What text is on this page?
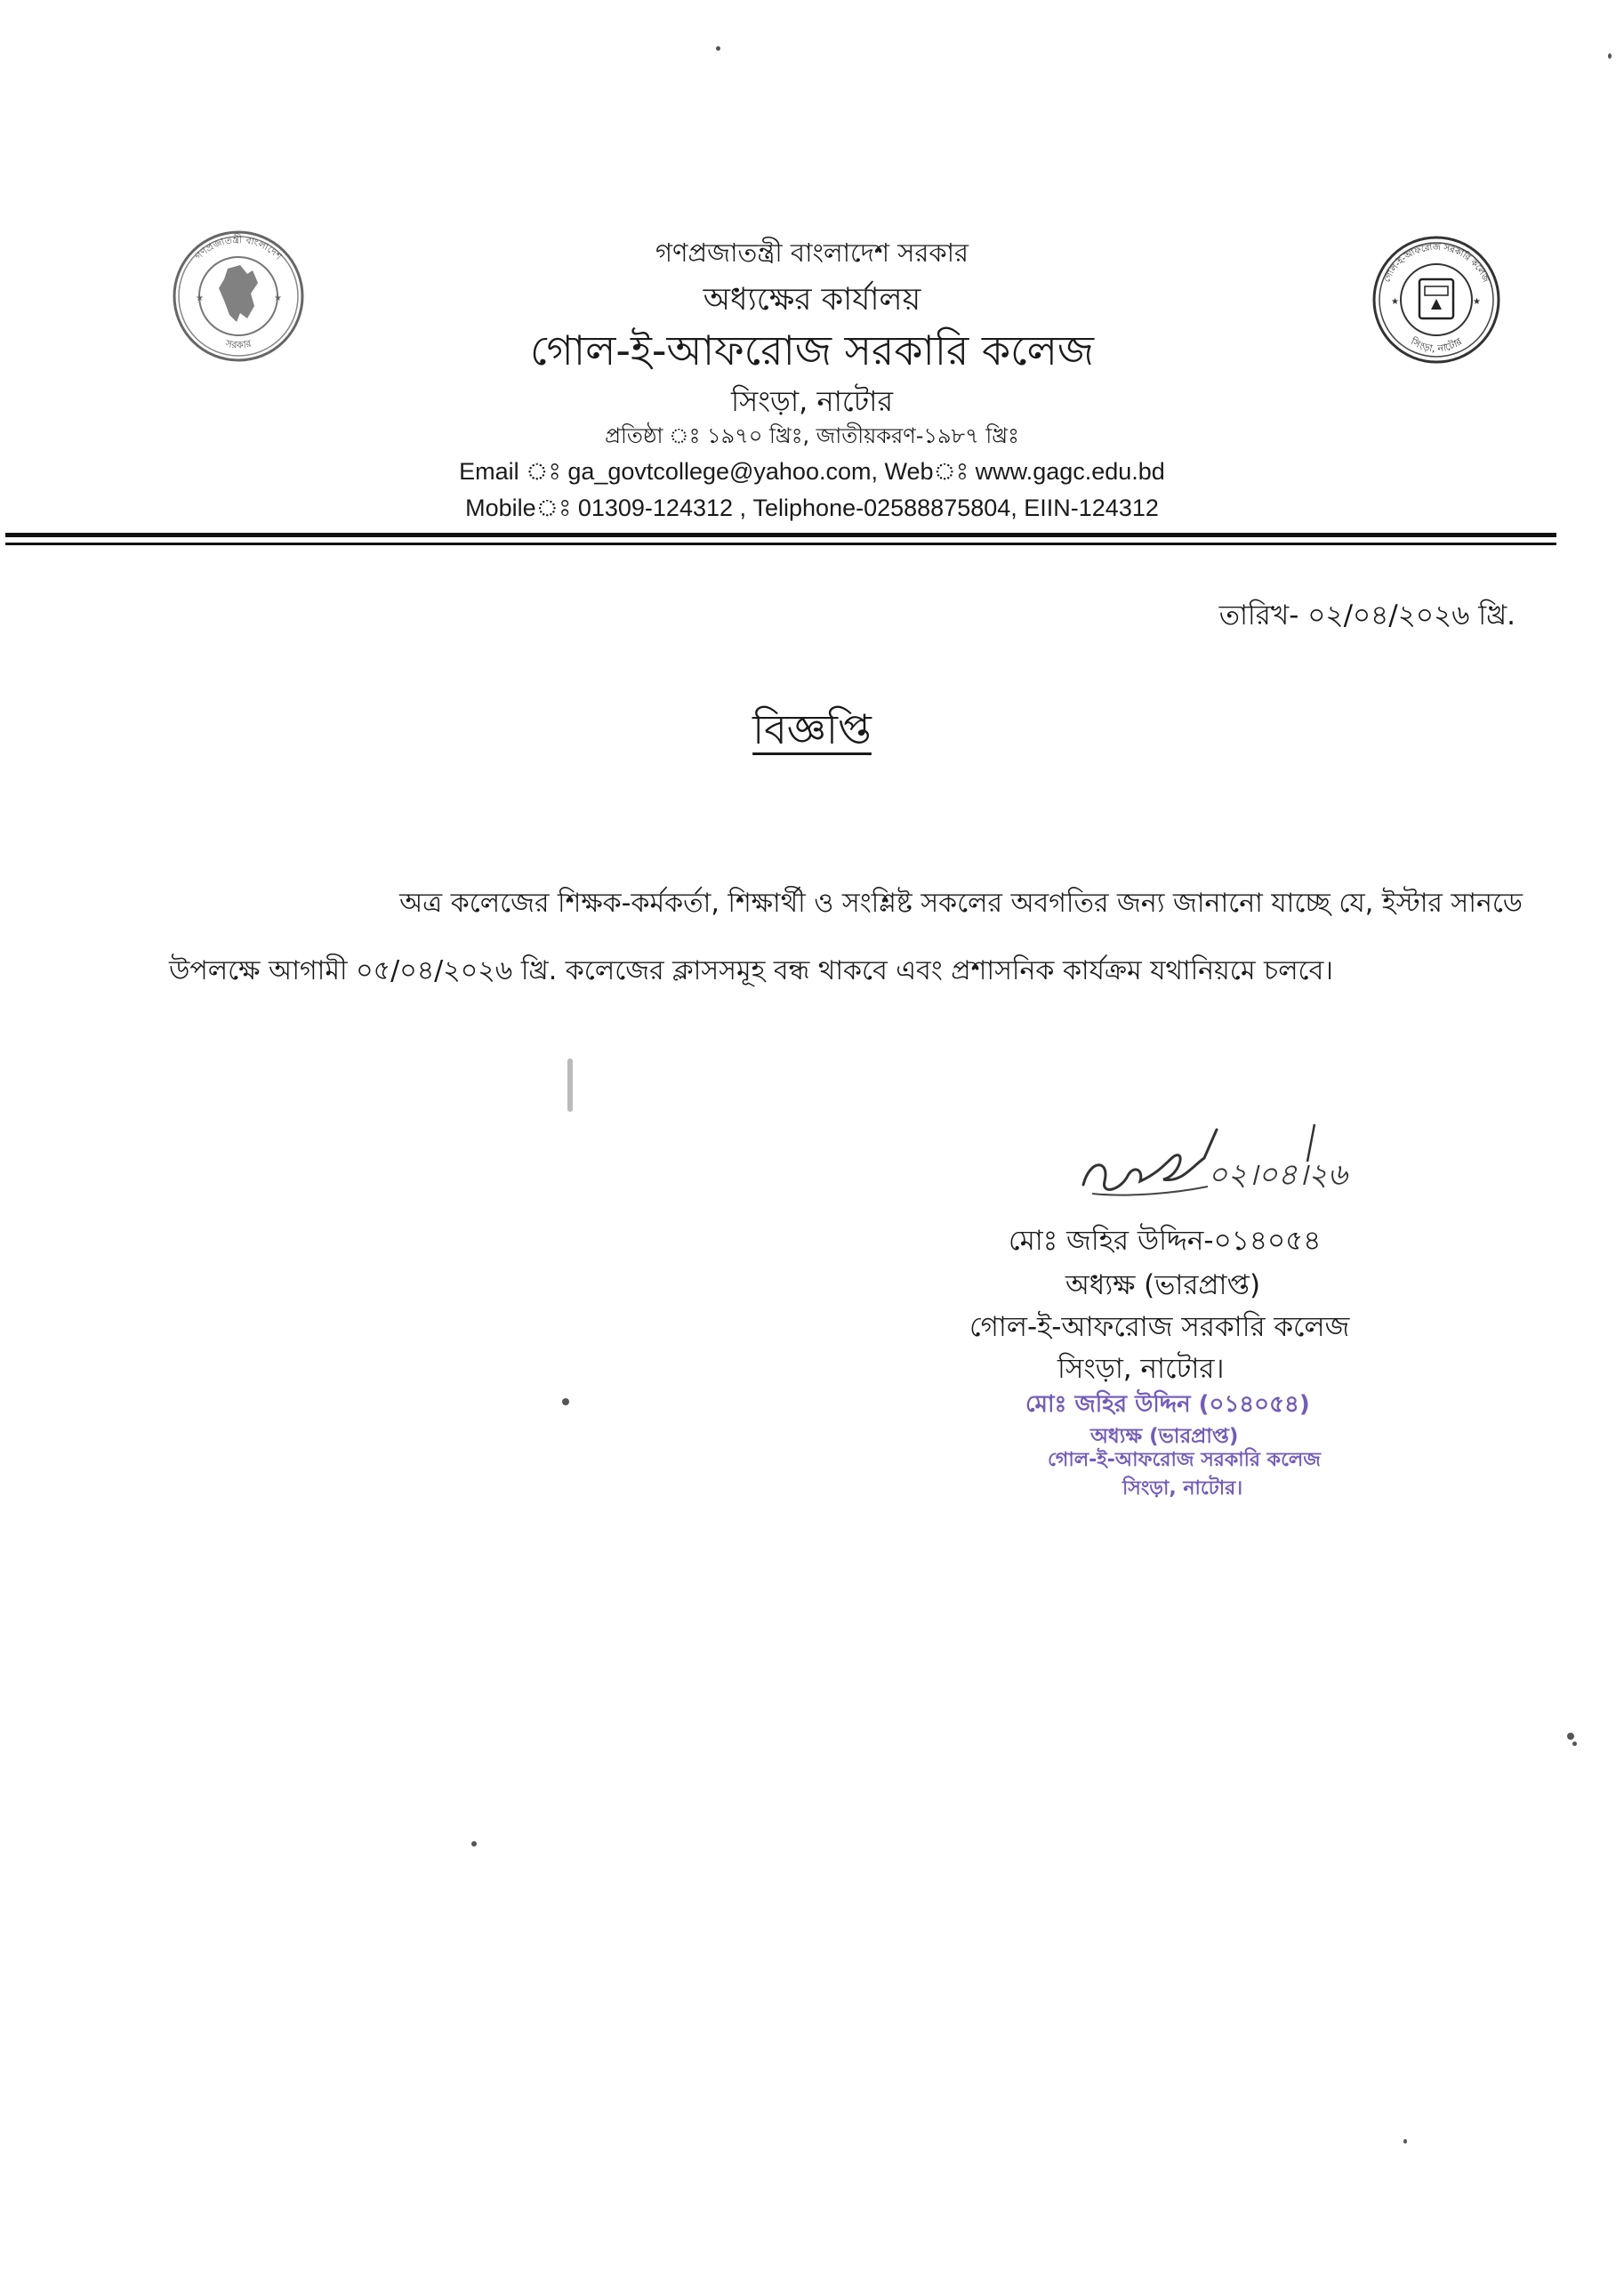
গণপ্রজাতন্ত্রী বাংলাদেশ
সরকার
★	★
গোল-ই-আফরোজ সরকারি কলেজ
সিংড়া, নাটোর
★	★
গণপ্রজাতন্ত্রী বাংলাদেশ সরকার
অধ্যক্ষের কার্যালয়
গোল-ই-আফরোজ সরকারি কলেজ
সিংড়া, নাটোর
প্রতিষ্ঠা ঃ ১৯৭০ খ্রিঃ, জাতীয়করণ-১৯৮৭ খ্রিঃ
Email ঃ ga_govtcollege@yahoo.com, Webঃ www.gagc.edu.bd
Mobileঃ 01309-124312 , Teliphone-02588875804, EIIN-124312
তারিখ- ০২/০৪/২০২৬ খ্রি.
বিজ্ঞপ্তি
অত্র কলেজের শিক্ষক-কর্মকর্তা, শিক্ষার্থী ও সংশ্লিষ্ট সকলের অবগতির জন্য জানানো যাচ্ছে যে, ইস্টার সানডে
উপলক্ষে আগামী ০৫/০৪/২০২৬ খ্রি. কলেজের ক্লাসসমূহ বন্ধ থাকবে এবং প্রশাসনিক কার্যক্রম যথানিয়মে চলবে।
০২।০৪।২৬
মোঃ জহির উদ্দিন-০১৪০৫৪
অধ্যক্ষ (ভারপ্রাপ্ত)
গোল-ই-আফরোজ সরকারি কলেজ
সিংড়া, নাটোর।
মোঃ জহির উদ্দিন (০১৪০৫৪)
অধ্যক্ষ (ভারপ্রাপ্ত)
গোল-ই-আফরোজ সরকারি কলেজ
সিংড়া, নাটোর।
